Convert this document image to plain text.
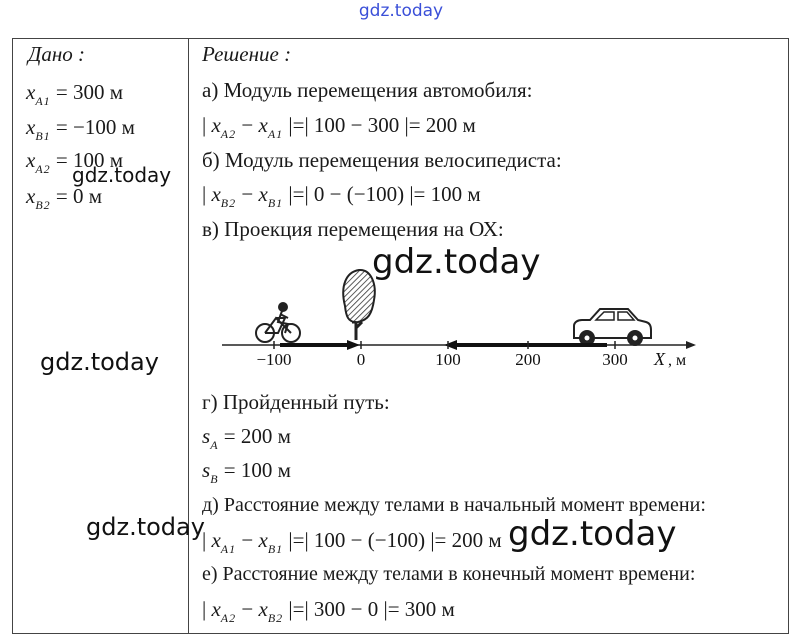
gdz.today
Дано :
$x_{A1} = 300$ м
$x_{B1} = -100$ м
$x_{A2} = 100$ м
$x_{B2} = 0$ м
Решение :
а) Модуль перемещения автомобиля:
| $x_{A2} - x_{A1}$ |=| 100 − 300 |= 200 м
б) Модуль перемещения велосипедиста:
| $x_{B2} - x_{B1}$ |=| 0 − (−100) |= 100 м
в) Проекция перемещения на ОХ:
−100	0	100	200	300 X , м
г) Пройденный путь:
$s_A = 200$ м
$s_B = 100$ м
д) Расстояние между телами в начальный момент времени:
| $x_{A1} - x_{B1}$ |=| 100 − (−100) |= 200 м
е) Расстояние между телами в конечный момент времени:
| $x_{A2} - x_{B2}$ |=| 300 − 0 |= 300 м
gdz.today
gdz.today
gdz.today
gdz.today	gdz.today
